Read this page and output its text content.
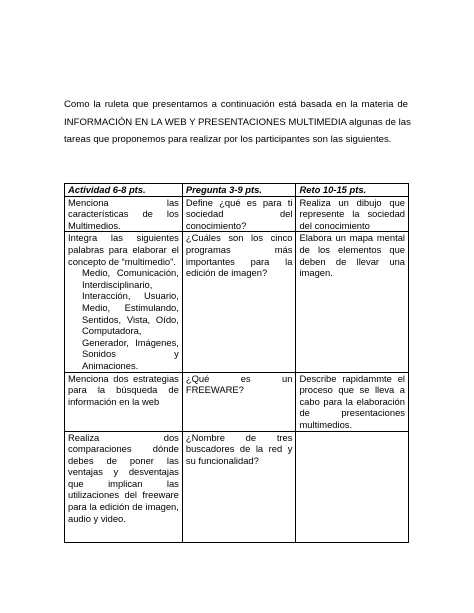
Como la ruleta que presentamos a continuación está basada en la materia de
INFORMACIÓN EN LA WEB Y PRESENTACIONES MULTIMEDIA algunas de las
tareas que proponemos para realizar por los participantes son las siguientes.

Actividad 6-8 pts.	Pregunta 3-9 pts.	Reto 10-15 pts.
Menciona las características de los Multimedios.	Define ¿qué es para ti sociedad del conocimiento?	Realiza un dibujo que represente la sociedad del conocimiento
Integra las siguientes palabras para elaborar el concepto de “multimedio”.
Medio, Comunicación, Interdisciplinario, Interacción, Usuario, Medio, Estimulando, Sentidos, Vista, Oído, Computadora, Generador, Imágenes, Sonidos y Animaciones.	¿Cuáles son los cinco programas más importantes para la edición de imagen?	Elabora un mapa mental de los elementos que deben de llevar una imagen.
Menciona dos estrategias para la búsqueda de información en la web	¿Qué es un FREEWARE?	Describe rapidammte el proceso que se lleva a cabo para la elaboración de presentaciones multimedios.
Realiza dos comparaciones dónde debes de poner las ventajas y desventajas que implican las utilizaciones del freeware para la edición de imagen, audio y video.	¿Nombre de tres buscadores de la red y su funcionalidad?	
